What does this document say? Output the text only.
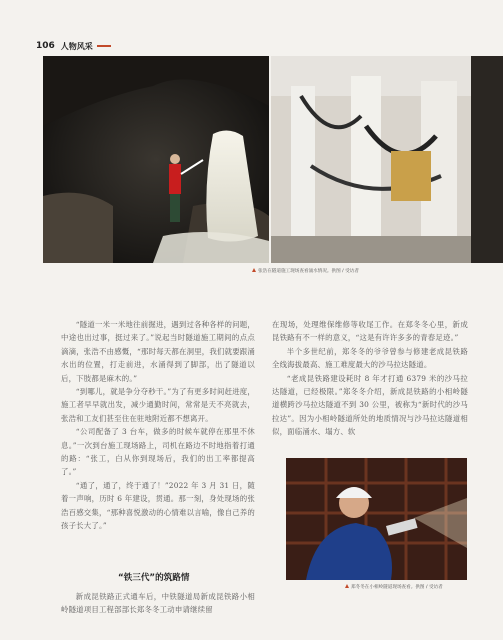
106 人物风采
张浩在隧道施工现场查看涌水情况。供图 / 受访者

“隧道一米一米地往前掘进，遇到过各种各样的问题，中途也出过事，挺过来了。”说起当时隧道施工期间的点点滴滴，张浩不由感慨，“那时每天都在洞里，我们就要跟涌水出的位置，打走前进，水涌得到了脚部，出了隧道以后，下肢都是麻木的。”

“到哪儿，就是争分夺秒干。”为了有更多时间赶进度，施工者早早就出发，减少通勤时间，常常是天不亮就去，张浩和工友们甚至住在驻地附近都不想离开。

“公司配备了 3 台车，做多的时候车就停在那里不休息。”一次到台施工现场路上，司机在路边不时地指着打通的路：“张工，白从你到现场后，我们的出工率都提高了。”

“通了，通了，终于通了！”2022 年 3 月 31 日，随着一声响，历时 6 年建设，贯通。那一刻，身处现场的张浩百感交集，“那种喜悦激动的心情难以言喻，像自己养的孩子长大了。”

“铁三代”的筑路情

新成昆铁路正式通车后，中铁隧道局新成昆铁路小相岭隧道项目工程部部长郑冬冬工动申请继续留

在现场，处理维保维修等收尾工作。在郑冬冬心里，新成昆铁路有不一样的意义，“这是有许许多多的青春足迹。”

半个多世纪前，郑冬冬的爷爷曾参与修建老成昆铁路全线海拔最高、施工难度最大的沙马拉达隧道。

“老成昆铁路建设耗时 8 年才打通 6379 米的沙马拉达隧道，已经极限。”郑冬冬介绍，新成昆铁路的小相岭隧道横跨沙马拉达隧道不到 30 公里，被称为“新时代的沙马拉达”。因为小相岭隧道所处的地质情况与沙马拉达隧道相似，面临涌水、塌方、软

郑冬冬在小相岭隧道现场查看。供图 / 受访者
